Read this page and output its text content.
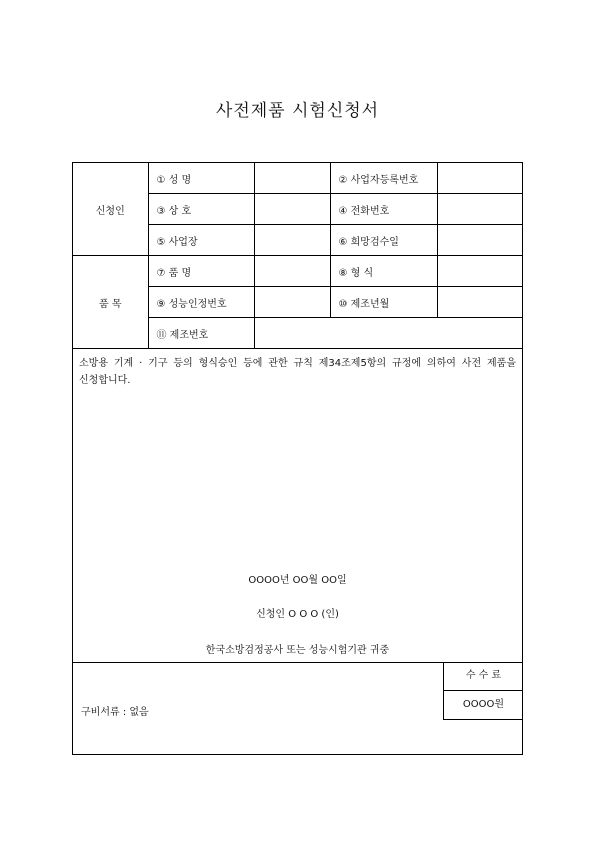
사전제품 시험신청서
신청인	① 성 명		② 사업자등록번호	
	③ 상 호		④ 전화번호	
	⑤ 사업장		⑥ 희망검수일	
품 목	⑦ 품 명		⑧ 형 식	
	⑨ 성능인정번호		⑩ 제조년월	
	⑪ 제조번호			
소방용 기계 · 기구 등의 형식승인 등에 관한 규칙 제34조제5항의 규정에 의하여 사전 제품을 신청합니다.
OOOO년 OO월 OO일
신청인 O O O (인)
한국소방검정공사 또는 성능시험기관 귀중
수 수 료
OOOO원
구비서류 : 없음
